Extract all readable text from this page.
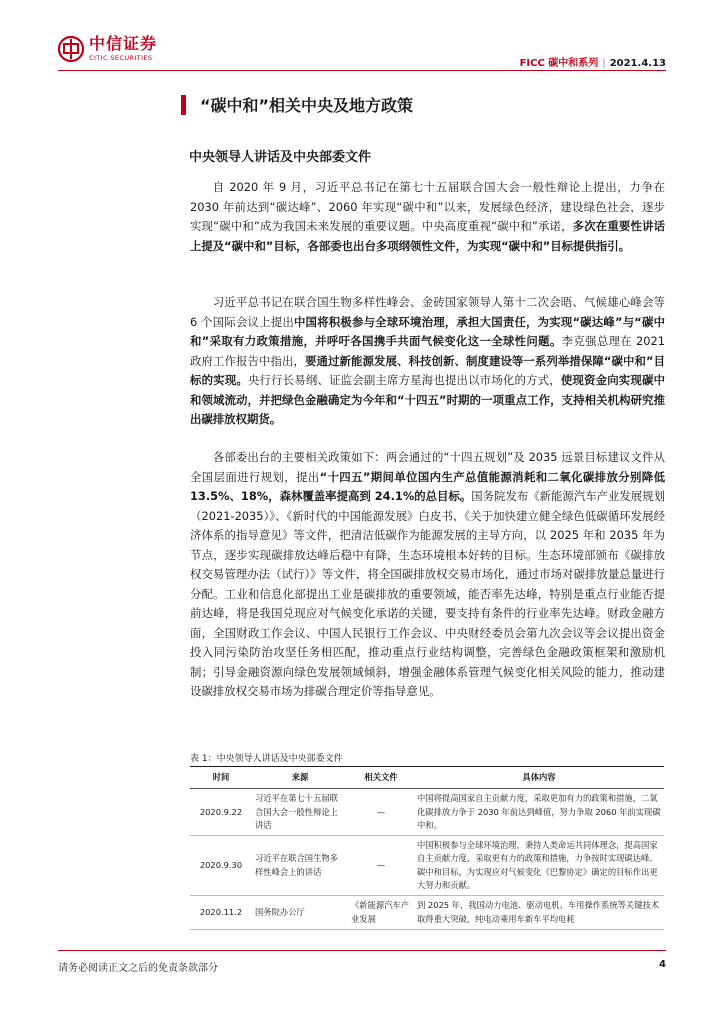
中信证券
CITIC SECURITIES	FICC 碳中和系列 | 2021.4.13
“碳中和”相关中央及地方政策
中央领导人讲话及中央部委文件

自 2020 年 9 月，习近平总书记在第七十五届联合国大会一般性辩论上提出，力争在 2030 年前达到“碳达峰”、2060 年实现“碳中和”以来，发展绿色经济，建设绿色社会，逐步实现“碳中和”成为我国未来发展的重要议题。中央高度重视“碳中和”承诺，多次在重要性讲话上提及“碳中和”目标，各部委也出台多项纲领性文件，为实现“碳中和”目标提供指引。

习近平总书记在联合国生物多样性峰会、金砖国家领导人第十二次会晤、气候雄心峰会等 6 个国际会议上提出中国将积极参与全球环境治理，承担大国责任，为实现“碳达峰”与“碳中和”采取有力政策措施，并呼吁各国携手共面气候变化这一全球性问题。李克强总理在 2021 政府工作报告中指出，要通过新能源发展、科技创新、制度建设等一系列举措保障“碳中和”目标的实现。央行行长易纲、证监会副主席方星海也提出以市场化的方式，使现资金向实现碳中和领域流动，并把绿色金融确定为今年和“十四五”时期的一项重点工作，支持相关机构研究推出碳排放权期货。

各部委出台的主要相关政策如下：两会通过的“十四五规划”及 2035 远景目标建议文件从全国层面进行规划，提出“十四五”期间单位国内生产总值能源消耗和二氧化碳排放分别降低 13.5%、18%，森林覆盖率提高到 24.1%的总目标。国务院发布《新能源汽车产业发展规划（2021-2035）》、《新时代的中国能源发展》白皮书、《关于加快建立健全绿色低碳循环发展经济体系的指导意见》等文件，把清洁低碳作为能源发展的主导方向，以 2025 年和 2035 年为节点，逐步实现碳排放达峰后稳中有降，生态环境根本好转的目标。生态环境部颁布《碳排放权交易管理办法（试行）》等文件，将全国碳排放权交易市场化，通过市场对碳排放量总量进行分配。工业和信息化部提出工业是碳排放的重要领域，能否率先达峰，特别是重点行业能否提前达峰，将是我国兑现应对气候变化承诺的关键，要支持有条件的行业率先达峰。财政金融方面，全国财政工作会议、中国人民银行工作会议、中央财经委员会第九次会议等会议提出资金投入同污染防治攻坚任务相匹配，推动重点行业结构调整，完善绿色金融政策框架和激励机制；引导金融资源向绿色发展领域倾斜，增强金融体系管理气候变化相关风险的能力，推动建设碳排放权交易市场为排碳合理定价等指导意见。

表 1：中央领导人讲话及中央部委文件
时间	来源	相关文件	具体内容
2020.9.22	习近平在第七十五届联合国大会一般性辩论上讲话	—	中国将提高国家自主贡献力度，采取更加有力的政策和措施，二氧化碳排放力争于 2030 年前达到峰值，努力争取 2060 年前实现碳中和。
2020.9.30	习近平在联合国生物多样性峰会上的讲话	—	中国积极参与全球环境治理，秉持人类命运共同体理念，提高国家自主贡献力度，采取更有力的政策和措施，力争按时实现碳达峰、碳中和目标，为实现应对气候变化《巴黎协定》确定的目标作出更大努力和贡献。
2020.11.2	国务院办公厅	《新能源汽车产业发展	到 2025 年，我国动力电池、驱动电机、车用操作系统等关键技术取得重大突破，纯电动乘用车新车平均电耗
请务必阅读正文之后的免责条款部分	4
